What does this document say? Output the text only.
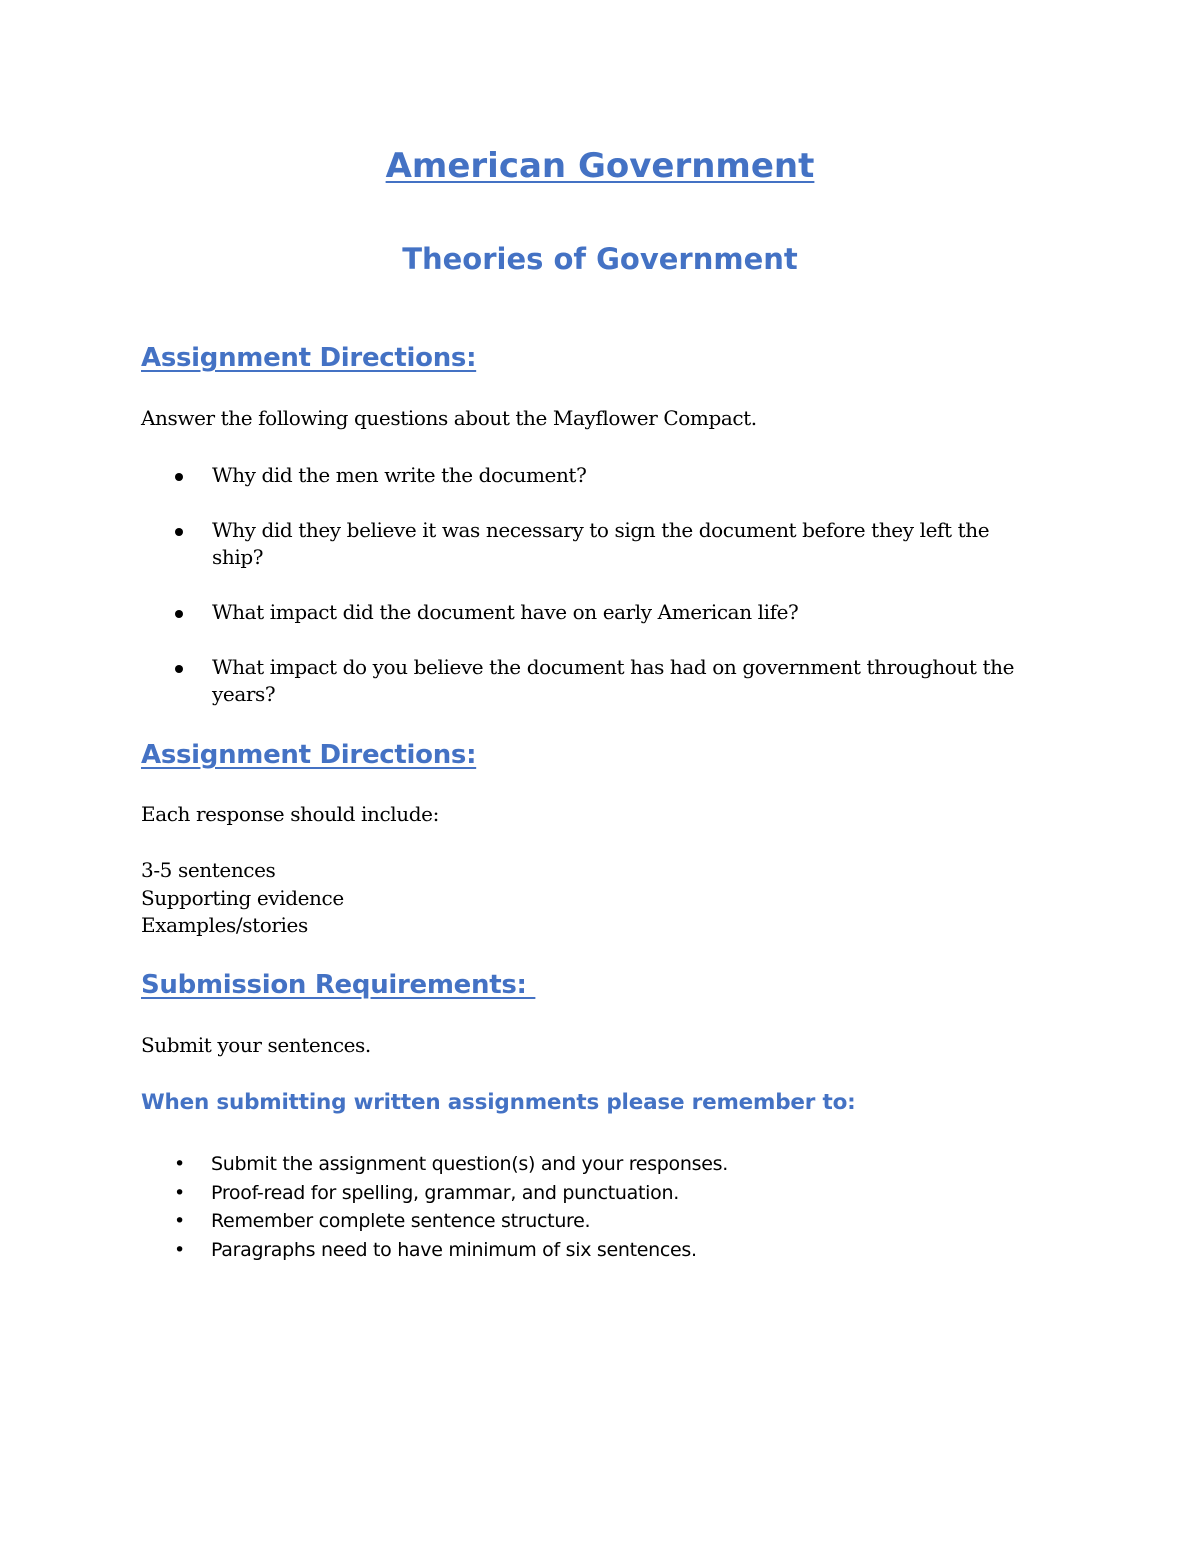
American Government
Theories of Government
Assignment Directions:

Answer the following questions about the Mayflower Compact.

Why did the men write the document?
Why did they believe it was necessary to sign the document before they left the
ship?
What impact did the document have on early American life?
What impact do you believe the document has had on government throughout the
years?
Assignment Directions:

Each response should include:

3-5 sentences
Supporting evidence
Examples/stories
Submission Requirements:

Submit your sentences.

When submitting written assignments please remember to:
• Submit the assignment question(s) and your responses.
• Proof-read for spelling, grammar, and punctuation.
• Remember complete sentence structure.
• Paragraphs need to have minimum of six sentences.
